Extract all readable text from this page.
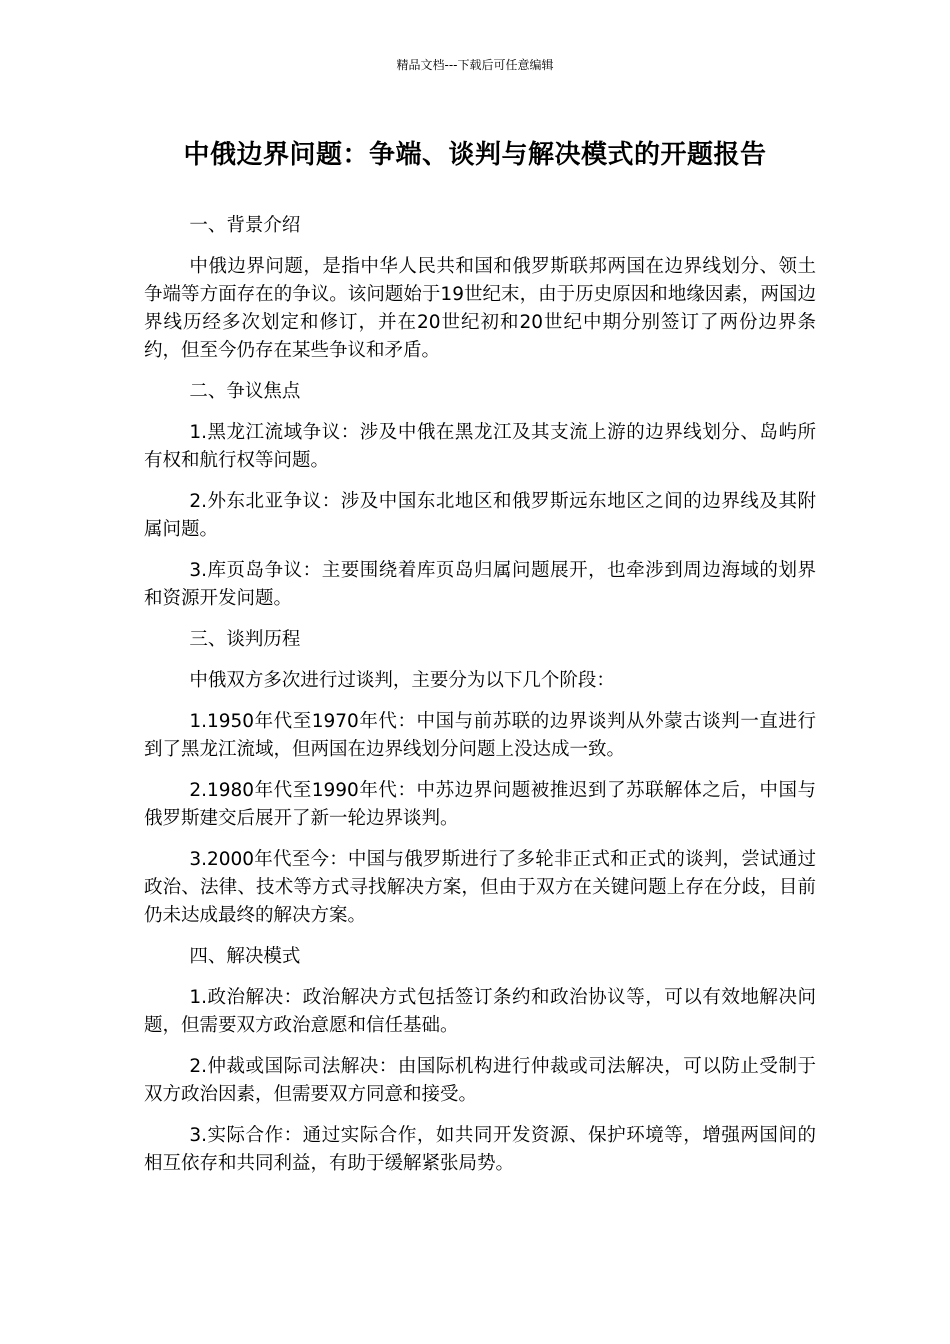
精品文档---下载后可任意编辑
中俄边界问题：争端、谈判与解决模式的开题报告

一、背景介绍

中俄边界问题，是指中华人民共和国和俄罗斯联邦两国在边界线划分、领土争端等方面存在的争议。该问题始于19世纪末，由于历史原因和地缘因素，两国边界线历经多次划定和修订，并在20世纪初和20世纪中期分别签订了两份边界条约，但至今仍存在某些争议和矛盾。

二、争议焦点

1.黑龙江流域争议：涉及中俄在黑龙江及其支流上游的边界线划分、岛屿所有权和航行权等问题。

2.外东北亚争议：涉及中国东北地区和俄罗斯远东地区之间的边界线及其附属问题。

3.库页岛争议：主要围绕着库页岛归属问题展开，也牵涉到周边海域的划界和资源开发问题。

三、谈判历程

中俄双方多次进行过谈判，主要分为以下几个阶段：

1.1950年代至1970年代：中国与前苏联的边界谈判从外蒙古谈判一直进行到了黑龙江流域，但两国在边界线划分问题上没达成一致。

2.1980年代至1990年代：中苏边界问题被推迟到了苏联解体之后，中国与俄罗斯建交后展开了新一轮边界谈判。

3.2000年代至今：中国与俄罗斯进行了多轮非正式和正式的谈判，尝试通过政治、法律、技术等方式寻找解决方案，但由于双方在关键问题上存在分歧，目前仍未达成最终的解决方案。

四、解决模式

1.政治解决：政治解决方式包括签订条约和政治协议等，可以有效地解决问题，但需要双方政治意愿和信任基础。

2.仲裁或国际司法解决：由国际机构进行仲裁或司法解决，可以防止受制于双方政治因素，但需要双方同意和接受。

3.实际合作：通过实际合作，如共同开发资源、保护环境等，增强两国间的相互依存和共同利益，有助于缓解紧张局势。
